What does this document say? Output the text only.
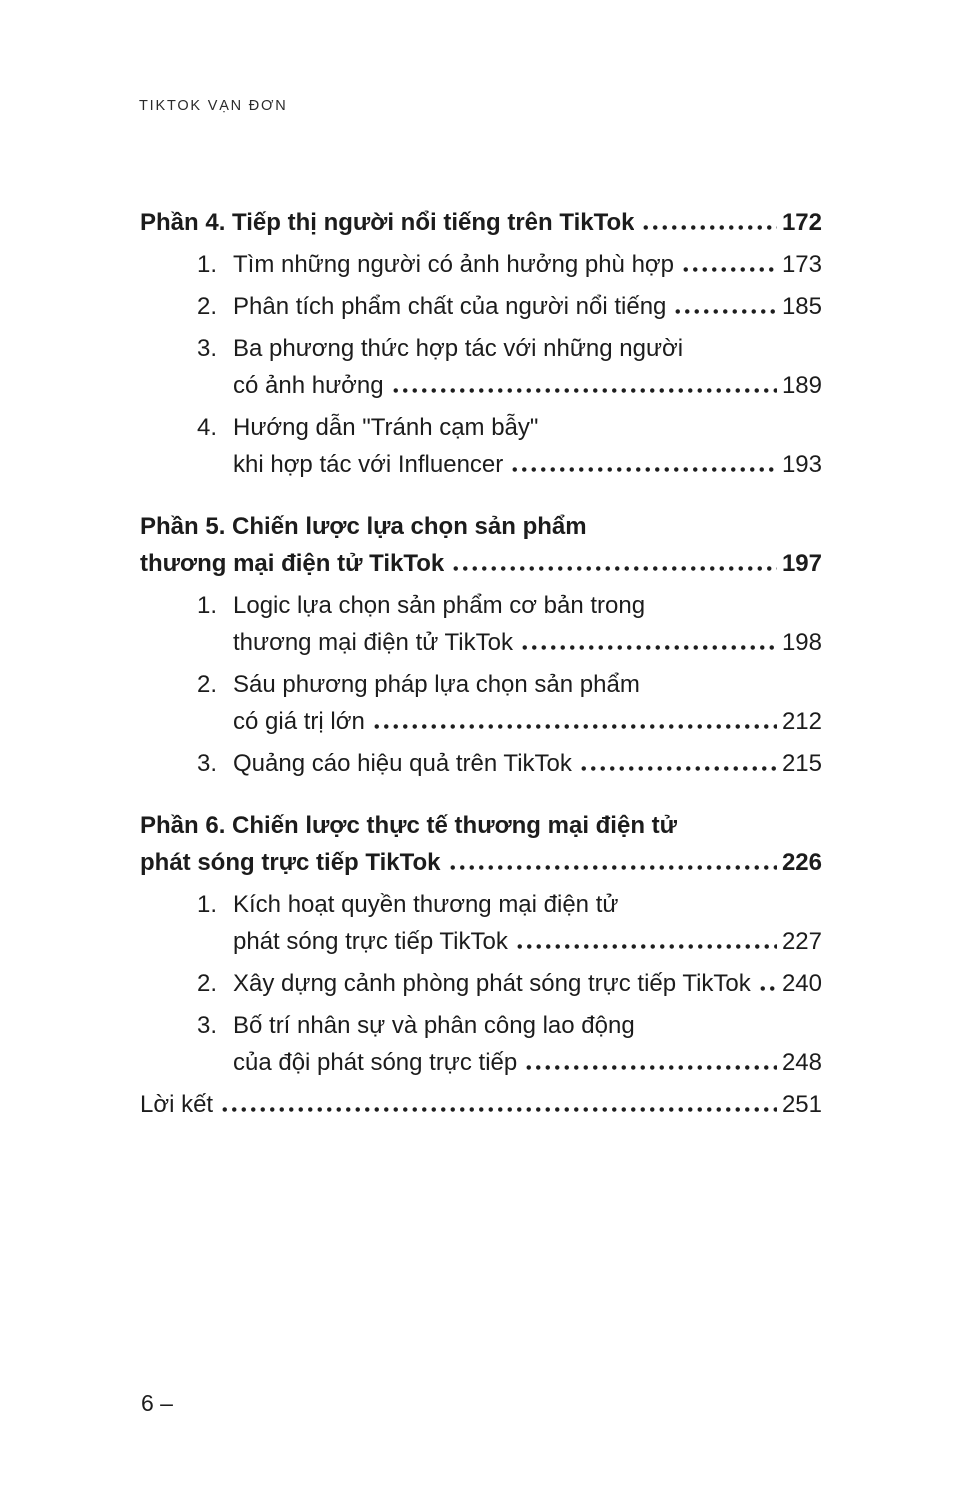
TIKTOK VẠN ĐƠN
Phần 4. Tiếp thị người nổi tiếng trên TikTok	172
1. Tìm những người có ảnh hưởng phù hợp	173
2. Phân tích phẩm chất của người nổi tiếng	185
3. Ba phương thức hợp tác với những người
có ảnh hưởng	189
4. Hướng dẫn "Tránh cạm bẫy"
khi hợp tác với Influencer	193
Phần 5. Chiến lược lựa chọn sản phẩm
thương mại điện tử TikTok	197
1. Logic lựa chọn sản phẩm cơ bản trong
thương mại điện tử TikTok	198
2. Sáu phương pháp lựa chọn sản phẩm
có giá trị lớn	212
3. Quảng cáo hiệu quả trên TikTok	215
Phần 6. Chiến lược thực tế thương mại điện tử
phát sóng trực tiếp TikTok	226
1. Kích hoạt quyền thương mại điện tử
phát sóng trực tiếp TikTok	227
2. Xây dựng cảnh phòng phát sóng trực tiếp TikTok 240
3. Bố trí nhân sự và phân công lao động
của đội phát sóng trực tiếp	248
Lời kết	251
6 –
